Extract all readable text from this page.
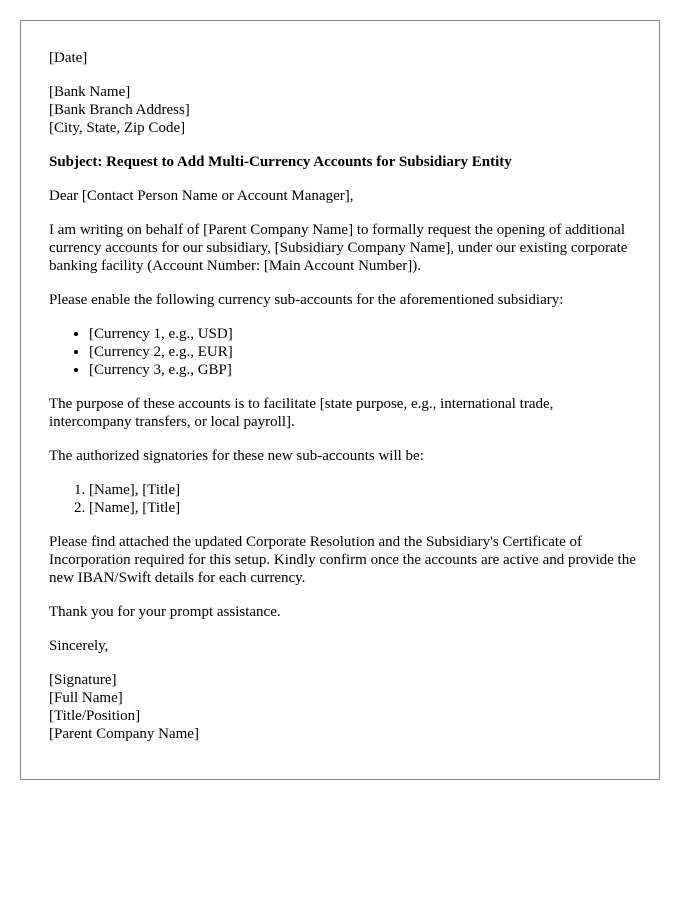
[Date]

[Bank Name]
[Bank Branch Address]
[City, State, Zip Code]

Subject: Request to Add Multi-Currency Accounts for Subsidiary Entity

Dear [Contact Person Name or Account Manager],

I am writing on behalf of [Parent Company Name] to formally request the opening of additional currency accounts for our subsidiary, [Subsidiary Company Name], under our existing corporate banking facility (Account Number: [Main Account Number]).

Please enable the following currency sub-accounts for the aforementioned subsidiary:

• [Currency 1, e.g., USD]
• [Currency 2, e.g., EUR]
• [Currency 3, e.g., GBP]

The purpose of these accounts is to facilitate [state purpose, e.g., international trade, intercompany transfers, or local payroll].

The authorized signatories for these new sub-accounts will be:

1. [Name], [Title]
2. [Name], [Title]

Please find attached the updated Corporate Resolution and the Subsidiary's Certificate of Incorporation required for this setup. Kindly confirm once the accounts are active and provide the new IBAN/Swift details for each currency.

Thank you for your prompt assistance.

Sincerely,

[Signature]
[Full Name]
[Title/Position]
[Parent Company Name]
